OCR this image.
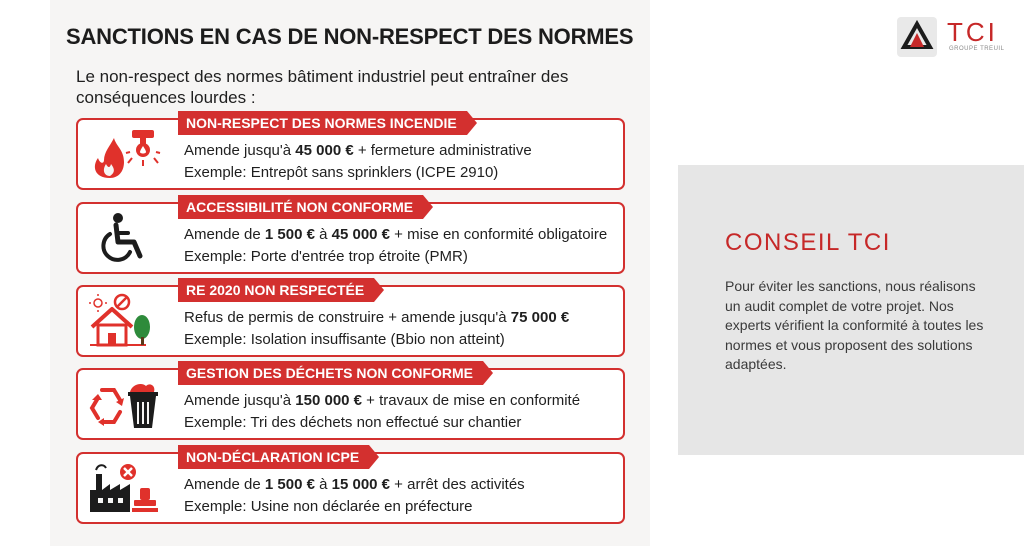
SANCTIONS EN CAS DE NON-RESPECT DES NORMES

Le non-respect des normes bâtiment industriel peut entraîner des conséquences lourdes :

NON-RESPECT DES NORMES INCENDIE
Amende jusqu'à 45 000 € + fermeture administrative
Exemple: Entrepôt sans sprinklers (ICPE 2910)
ACCESSIBILITÉ NON CONFORME
Amende de 1 500 € à 45 000 € + mise en conformité obligatoire
Exemple: Porte d'entrée trop étroite (PMR)
RE 2020 NON RESPECTÉE
Refus de permis de construire + amende jusqu'à 75 000 €
Exemple: Isolation insuffisante (Bbio non atteint)
GESTION DES DÉCHETS NON CONFORME
Amende jusqu'à 150 000 € + travaux de mise en conformité
Exemple: Tri des déchets non effectué sur chantier
NON-DÉCLARATION ICPE
Amende de 1 500 € à 15 000 € + arrêt des activités
Exemple: Usine non déclarée en préfecture
TCI
GROUPE TREUIL
CONSEIL TCI

Pour éviter les sanctions, nous réalisons un audit complet de votre projet. Nos experts vérifient la conformité à toutes les normes et vous proposent des solutions adaptées.
